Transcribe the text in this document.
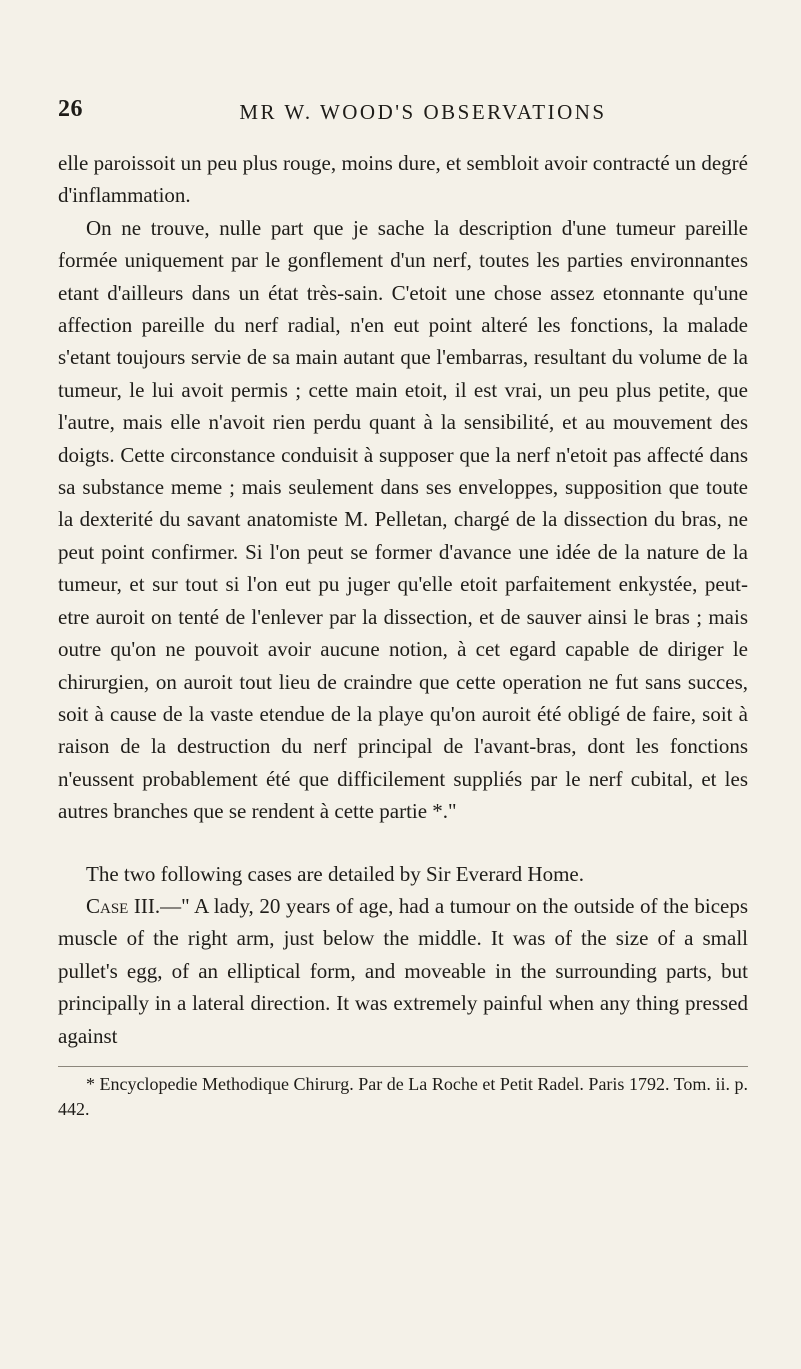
26	MR W. WOOD'S OBSERVATIONS

elle paroissoit un peu plus rouge, moins dure, et sembloit avoir contracté un degré d'inflammation.

On ne trouve, nulle part que je sache la description d'une tumeur pareille formée uniquement par le gonflement d'un nerf, toutes les parties environnantes etant d'ailleurs dans un état très-sain. C'etoit une chose assez etonnante qu'une affection pareille du nerf radial, n'en eut point alteré les fonctions, la malade s'etant toujours servie de sa main autant que l'embarras, resultant du volume de la tumeur, le lui avoit permis ; cette main etoit, il est vrai, un peu plus petite, que l'autre, mais elle n'avoit rien perdu quant à la sensibilité, et au mouvement des doigts. Cette circonstance conduisit à supposer que la nerf n'etoit pas affecté dans sa substance meme ; mais seulement dans ses enveloppes, supposition que toute la dexterité du savant anatomiste M. Pelletan, chargé de la dissection du bras, ne peut point confirmer. Si l'on peut se former d'avance une idée de la nature de la tumeur, et sur tout si l'on eut pu juger qu'elle etoit parfaitement enkystée, peut-etre auroit on tenté de l'enlever par la dissection, et de sauver ainsi le bras ; mais outre qu'on ne pouvoit avoir aucune notion, à cet egard capable de diriger le chirurgien, on auroit tout lieu de craindre que cette operation ne fut sans succes, soit à cause de la vaste etendue de la playe qu'on auroit été obligé de faire, soit à raison de la destruction du nerf principal de l'avant-bras, dont les fonctions n'eussent probablement été que difficilement suppliés par le nerf cubital, et les autres branches que se rendent à cette partie *."

The two following cases are detailed by Sir Everard Home.

Case III.—" A lady, 20 years of age, had a tumour on the outside of the biceps muscle of the right arm, just below the middle. It was of the size of a small pullet's egg, of an elliptical form, and moveable in the surrounding parts, but principally in a lateral direction. It was extremely painful when any thing pressed against

* Encyclopedie Methodique Chirurg. Par de La Roche et Petit Radel. Paris 1792. Tom. ii. p. 442.
